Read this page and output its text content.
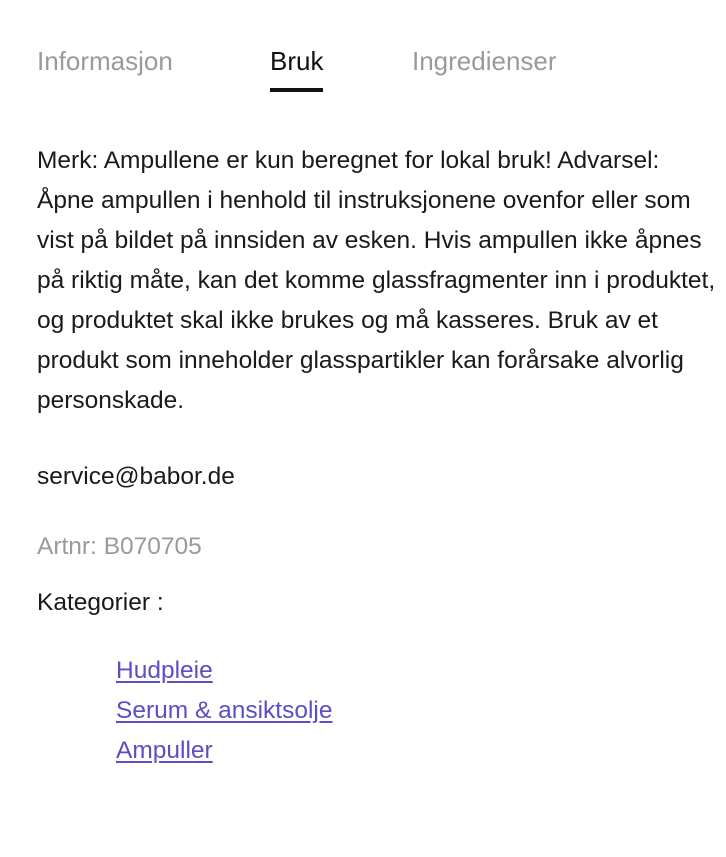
Informasjon	Bruk	Ingredienser

Merk: Ampullene er kun beregnet for lokal bruk! Advarsel: Åpne ampullen i henhold til instruksjonene ovenfor eller som vist på bildet på innsiden av esken. Hvis ampullen ikke åpnes på riktig måte, kan det komme glassfragmenter inn i produktet, og produktet skal ikke brukes og må kasseres. Bruk av et produkt som inneholder glasspartikler kan forårsake alvorlig personskade.

service@babor.de
Artnr: B070705
Kategorier :
Hudpleie
Serum & ansiktsolje
Ampuller
